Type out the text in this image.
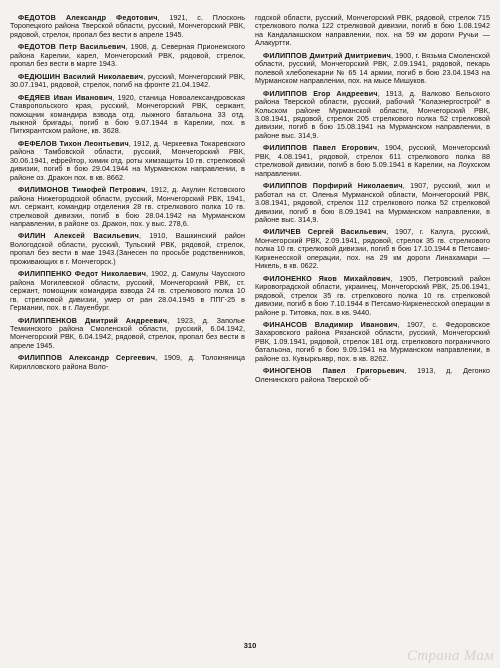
ФЕДОТОВ Александр Федотович, 1921, с. Плосконь Торопецкого района Тверской области, русский, Мончегорский РВК, рядовой, стрелок, пропал без вести в апреле 1945.

ФЕДОТОВ Петр Васильевич, 1908, д. Северная Прионежского района Карелии, карел, Мончегорский РВК, рядовой, стрелок, пропал без вести в марте 1943.

ФЕДЮШИН Василий Николаевич, русский, Мончегорский РВК, 30.07.1941, рядовой, стрелок, погиб на фронте 21.04.1942.

ФЕДЯЕВ Иван Иванович, 1920, станица Новоалександровская Ставропольского края, русский, Мончегорский РВК, сержант, помощник командира взвода отд. лыжного батальона 33 отд. лыжной бригады, погиб в бою 9.07.1944 в Карелии, пох. в Питкярантском районе, кв. 3628.

ФЕФЕЛОВ Тихон Леонтьевич, 1912, д. Черкеевка Токаревского района Тамбовской области, русский, Мончегорский РВК, 30.06.1941, ефрейтор, химик отд. роты химзащиты 10 гв. стрелковой дивизии, погиб в бою 29.04.1944 на Мурманском направлении, в районе оз. Дракон пох. в кв. 8662.

ФИЛИМОНОВ Тимофей Петрович, 1912, д. Акулин Кстовского района Нижегородской области, русский, Мончегорский РВК, 1941, мл. сержант, командир отделения 28 гв. стрелкового полка 10 гв. стрелковой дивизии, погиб в бою 28.04.1942 на Мурманском направлении, в районе оз. Дракон, пох. у выс. 278,6.

ФИЛИН Алексей Васильевич, 1910, Вашкинский район Вологодской области, русский, Тульский РВК, рядовой, стрелок, пропал без вести в мае 1943.(Занесен по просьбе родственников, проживающих в г. Мончегорск.)

ФИЛИППЕНКО Федот Николаевич, 1902, д. Самулы Чаусского района Могилевской области, русский, Мончегорский РВК, ст. сержант, помощник командира взвода 24 гв. стрелкового полка 10 гв. стрелковой дивизии, умер от ран 28.04.1945 в ППГ-25 в Германии, пох. в г. Лауенбург.

ФИЛИППЕНКОВ Дмитрий Андреевич, 1923, д. Заполье Темкинского района Смоленской области, русский, 6.04.1942, Мончегорский РВК, 6.04.1942, рядовой, стрелок, пропал без вести в апреле 1945.

ФИЛИППОВ Александр Сергеевич, 1909, д. Толокняница Кирилловского района Воло-

годской области, русский, Мончегорский РВК, рядовой, стрелок 715 стрелкового полка 122 стрелковой дивизии, погиб в бою 1.08.1942 на Кандалакшском направлении, пох. на 59 км дороги Ручьи — Алакуртти.

ФИЛИППОВ Дмитрий Дмитриевич, 1900, г. Вязьма Смоленской области, русский, Мончегорский РВК, 2.09.1941, рядовой, пекарь полевой хлебопекарни № 65 14 армии, погиб в бою 23.04.1943 на Мурманском направлении, пох. на мысе Мишуков.

ФИЛИППОВ Егор Андреевич, 1913, д. Валково Бельского района Тверской области, русский, рабочий "Колазнергострой" в Кольском районе Мурманской области, Мончегорский РВК, 3.08.1941, рядовой, стрелок 205 стрелкового полка 52 стрелковой дивизии, погиб в бою 15.08.1941 на Мурманском направлении, в районе выс. 314,9.

ФИЛИППОВ Павел Егорович, 1904, русский, Мончегорский РВК, 4.08.1941, рядовой, стрелок 611 стрелкового полка 88 стрелковой дивизии, погиб в бою 5.09.1941 в Карелии, на Лоухском направлении.

ФИЛИППОВ Порфирий Николаевич, 1907, русский, жил и работал на ст. Оленья Мурманской области, Мончегорский РВК, 3.08.1941, рядовой, стрелок 112 стрелкового полка 52 стрелковой дивизии, погиб в бою 8.09.1941 на Мурманском направлении, в районе выс. 314,9.

ФИЛИЧЕВ Сергей Васильевич, 1907, г. Калуга, русский, Мончегорский РВК, 2.09.1941, рядовой, стрелок 35 гв. стрелкового полка 10 гв. стрелковой дивизии, погиб в бою 17.10.1944 в Петсамо-Киркенесской операции, пох. на 29 км дороги Линахамари — Никель, в кв. 0622.

ФИЛОНЕНКО Яков Михайлович, 1905, Петровский район Кировоградской области, украинец, Мончегорский РВК, 25.06.1941, рядовой, стрелок 35 гв. стрелкового полка 10 гв. стрелковой дивизии, погиб в бою 7.10.1944 в Петсамо-Киркенесской операции в районе р. Титовка, пох. в кв. 9440.

ФИНАНСОВ Владимир Иванович, 1907, с. Федоровское Захаровского района Рязанской области, русский, Мончегорский РВК, 1.09.1941, рядовой, стрелок 181 отд. стрелкового пограничного батальона, погиб в бою 9.09.1941 на Мурманском направлении, в районе оз. Кувыркъявр, пох. в кв. 8262.

ФИНОГЕНОВ Павел Григорьевич, 1913, д. Дегонко Оленинского района Тверской об-

310
Страна Мам
